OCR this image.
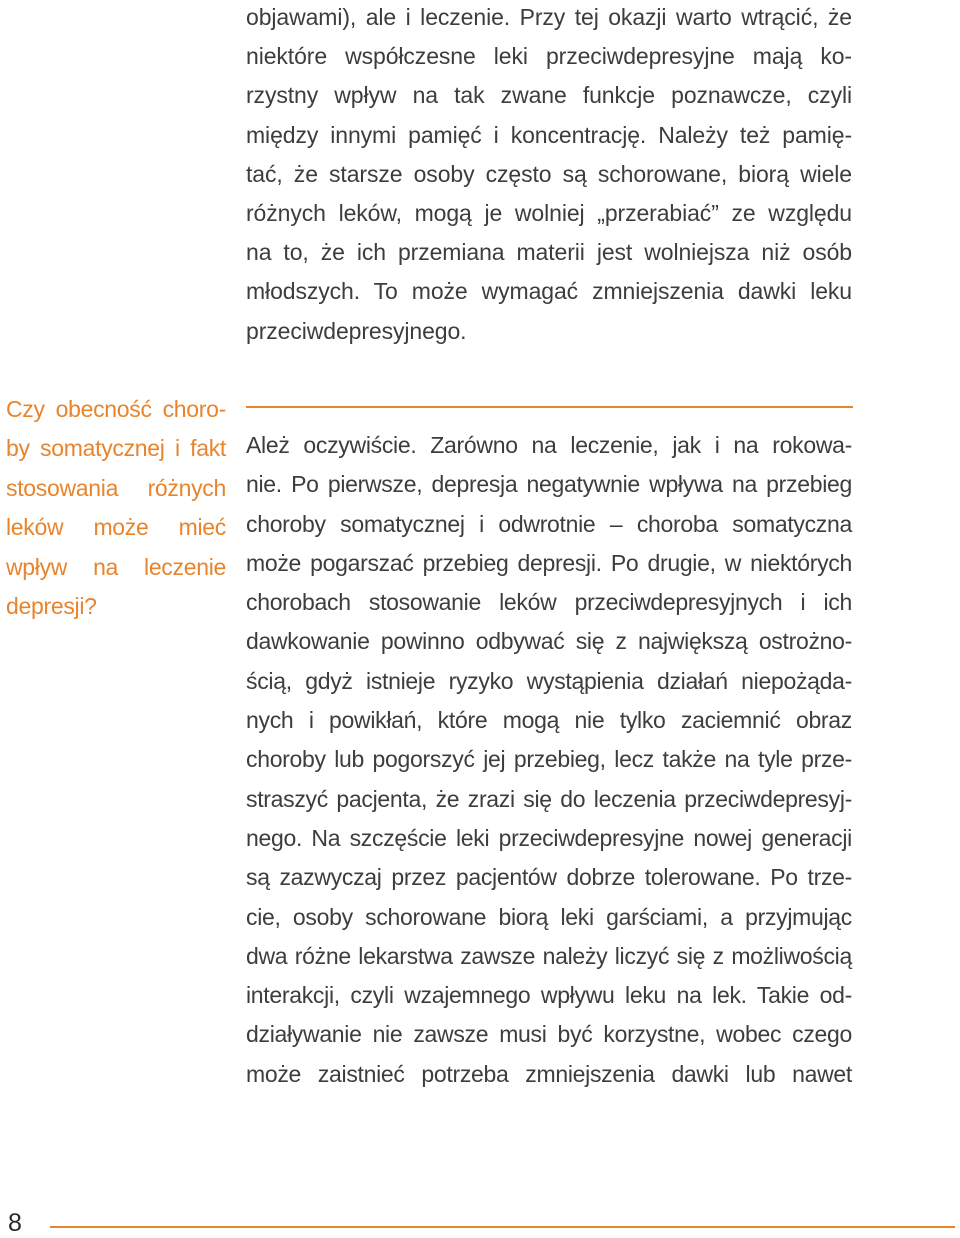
objawami), ale i leczenie. Przy tej okazji warto wtrącić, że
niektóre współczesne leki przeciwdepresyjne mają ko-
rzystny wpływ na tak zwane funkcje poznawcze, czyli
między innymi pamięć i koncentrację. Należy też pamię-
tać, że starsze osoby często są schorowane, biorą wiele
różnych leków, mogą je wolniej „przerabiać” ze względu
na to, że ich przemiana materii jest wolniejsza niż osób
młodszych. To może wymagać zmniejszenia dawki leku
przeciwdepresyjnego.

Czy obecność choro-
by somatycznej i fakt
stosowania różnych
leków może mieć
wpływ na leczenie
depresji?

Ależ oczywiście. Zarówno na leczenie, jak i na rokowa-
nie. Po pierwsze, depresja negatywnie wpływa na przebieg
choroby somatycznej i odwrotnie – choroba somatyczna
może pogarszać przebieg depresji. Po drugie, w niektórych
chorobach stosowanie leków przeciwdepresyjnych i ich
dawkowanie powinno odbywać się z największą ostrożno-
ścią, gdyż istnieje ryzyko wystąpienia działań niepożąda-
nych i powikłań, które mogą nie tylko zaciemnić obraz
choroby lub pogorszyć jej przebieg, lecz także na tyle prze-
straszyć pacjenta, że zrazi się do leczenia przeciwdepresyj-
nego. Na szczęście leki przeciwdepresyjne nowej generacji
są zazwyczaj przez pacjentów dobrze tolerowane. Po trze-
cie, osoby schorowane biorą leki garściami, a przyjmując
dwa różne lekarstwa zawsze należy liczyć się z możliwością
interakcji, czyli wzajemnego wpływu leku na lek. Takie od-
działywanie nie zawsze musi być korzystne, wobec czego
może zaistnieć potrzeba zmniejszenia dawki lub nawet

8
